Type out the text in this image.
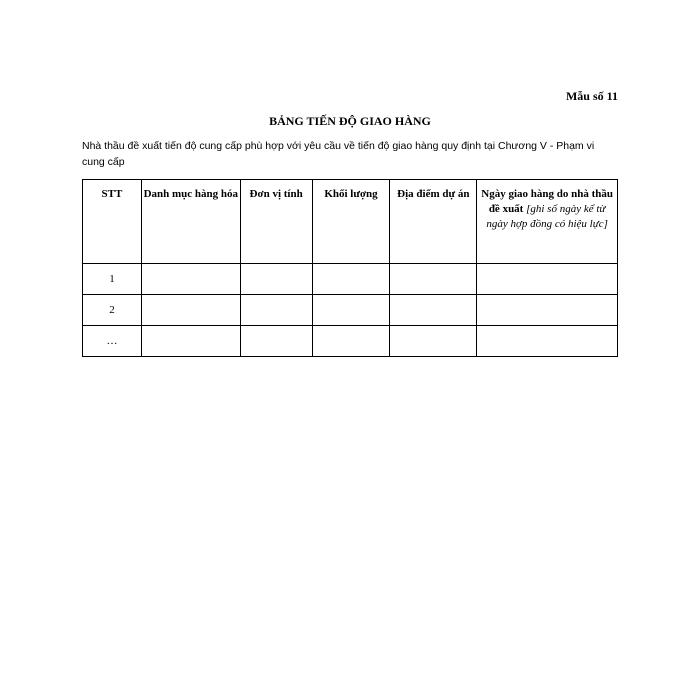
Mẫu số 11
BẢNG TIẾN ĐỘ GIAO HÀNG
Nhà thầu đề xuất tiến độ cung cấp phù hợp với yêu cầu về tiến độ giao hàng quy định tại Chương V - Phạm vi cung cấp
STT	Danh mục hàng hóa	Đơn vị tính	Khối lượng	Địa điểm dự án	Ngày giao hàng do nhà thầu đề xuất [ghi số ngày kể từ ngày hợp đồng có hiệu lực]
1					
2					
…					
